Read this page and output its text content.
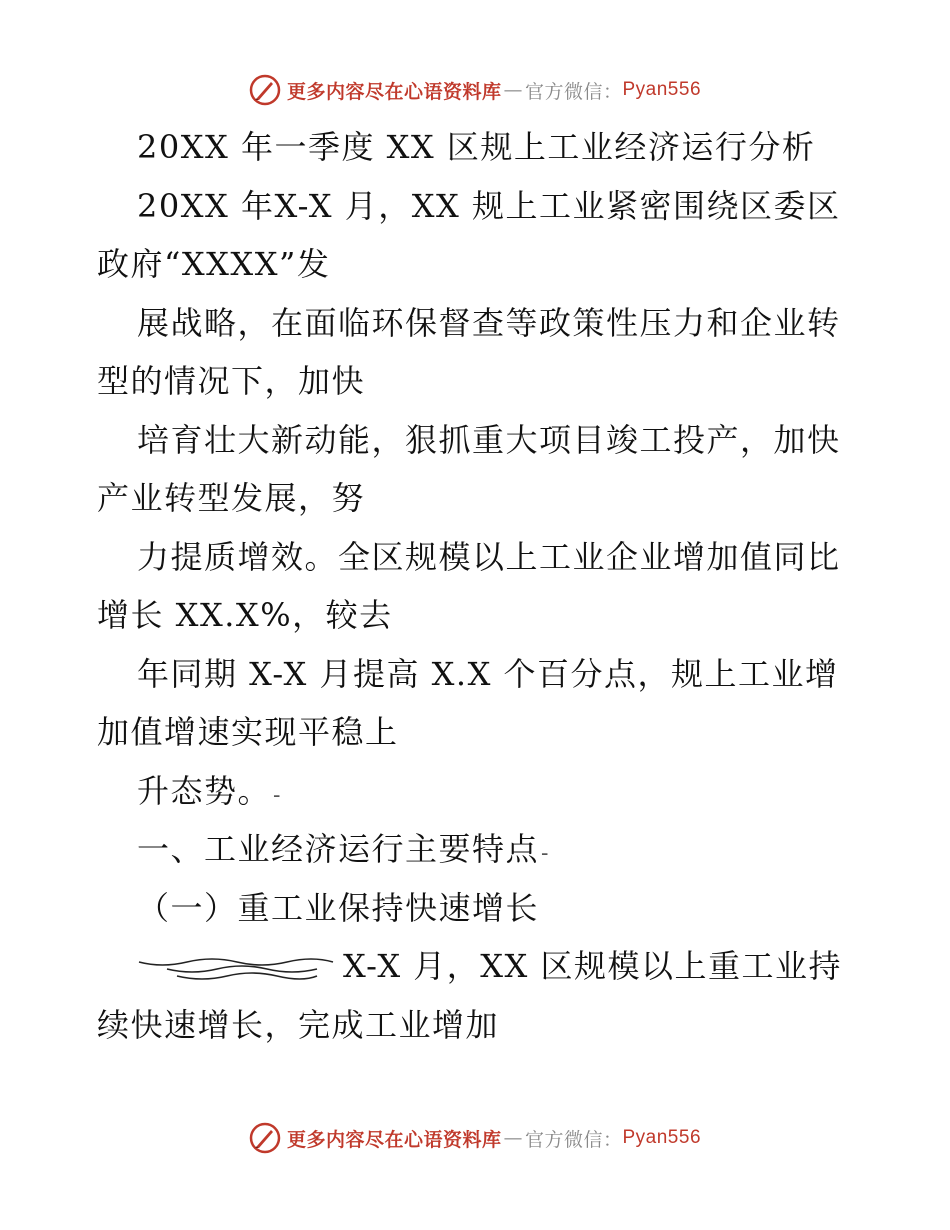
更多内容尽在心语资料库 — 官方微信： Pyan556
20XX 年一季度 XX 区规上工业经济运行分析
20XX 年X-X 月，XX 规上工业紧密围绕区委区
政府“XXXX”发
展战略，在面临环保督查等政策性压力和企业转
型的情况下，加快
培育壮大新动能，狠抓重大项目竣工投产，加快
产业转型发展，努
力提质增效。全区规模以上工业企业增加值同比
增长 XX.X%，较去
年同期 X-X 月提高 X.X 个百分点，规上工业增
加值增速实现平稳上
升态势。-
一、工业经济运行主要特点-
（一）重工业保持快速增长
X-X 月，XX 区规模以上重工业持
续快速增长，完成工业增加
更多内容尽在心语资料库 — 官方微信： Pyan556
